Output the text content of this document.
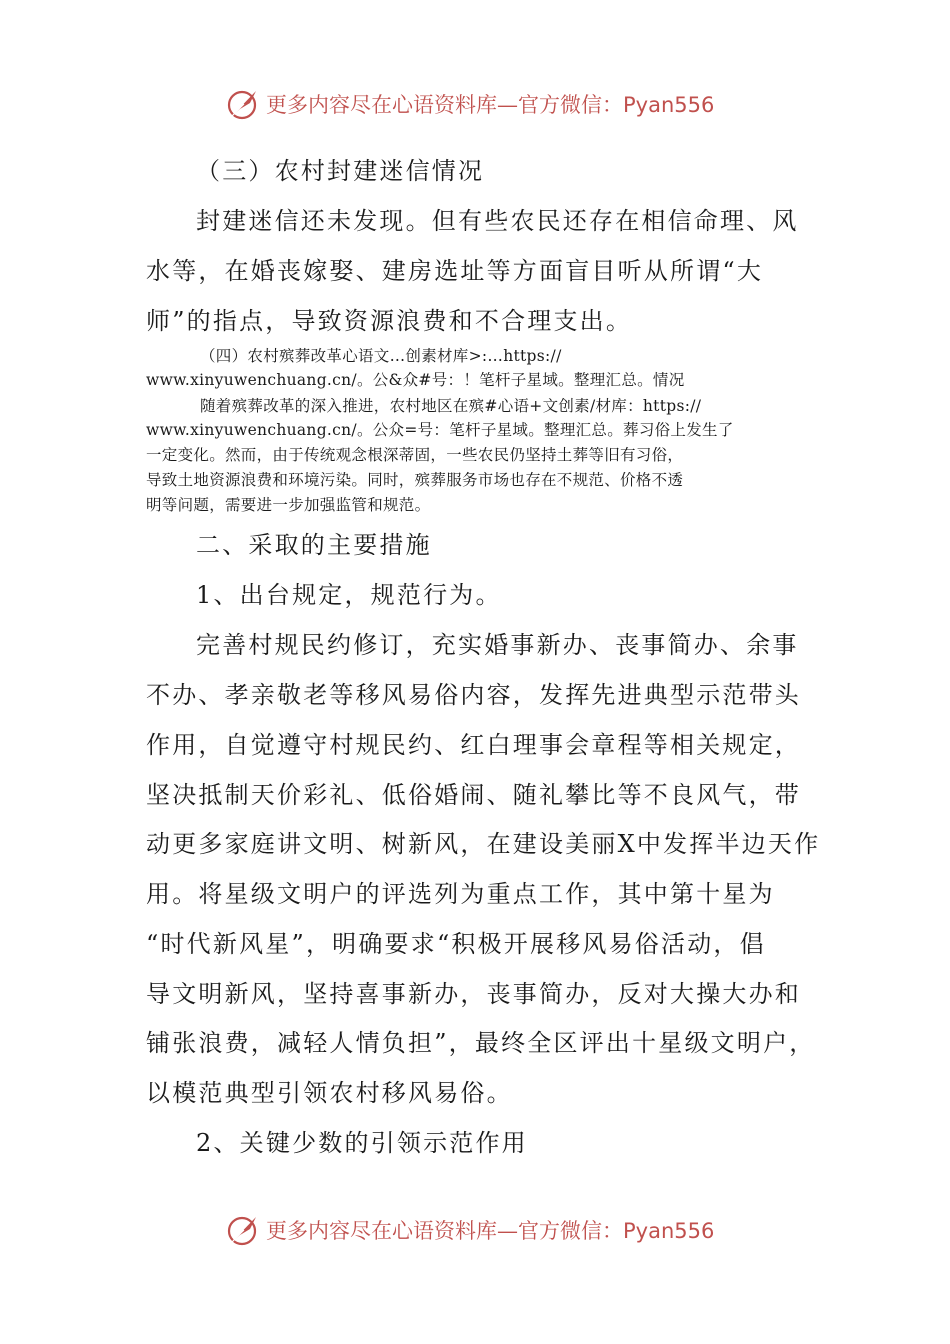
更多内容尽在心语资料库—官方微信：Pyan556
（三）农村封建迷信情况
封建迷信还未发现。但有些农民还存在相信命理、风
水等，在婚丧嫁娶、建房选址等方面盲目听从所谓“大
师”的指点，导致资源浪费和不合理支出。
（四）农村殡葬改革心语文…创素材库>:…https://
www.xinyuwenchuang.cn/。公&众#号：！笔杆子星域。整理汇总。情况
随着殡葬改革的深入推进，农村地区在殡#心语+文创素/材库：https://
www.xinyuwenchuang.cn/。公众=号：笔杆子星域。整理汇总。葬习俗上发生了
一定变化。然而，由于传统观念根深蒂固，一些农民仍坚持土葬等旧有习俗，
导致土地资源浪费和环境污染。同时，殡葬服务市场也存在不规范、价格不透
明等问题，需要进一步加强监管和规范。
二、采取的主要措施
1、出台规定，规范行为。
完善村规民约修订，充实婚事新办、丧事简办、余事
不办、孝亲敬老等移风易俗内容，发挥先进典型示范带头
作用，自觉遵守村规民约、红白理事会章程等相关规定，
坚决抵制天价彩礼、低俗婚闹、随礼攀比等不良风气，带
动更多家庭讲文明、树新风，在建设美丽X中发挥半边天作
用。将星级文明户的评选列为重点工作，其中第十星为
“时代新风星”，明确要求“积极开展移风易俗活动，倡
导文明新风，坚持喜事新办，丧事简办，反对大操大办和
铺张浪费，减轻人情负担”，最终全区评出十星级文明户，
以模范典型引领农村移风易俗。
2、关键少数的引领示范作用
更多内容尽在心语资料库—官方微信：Pyan556
